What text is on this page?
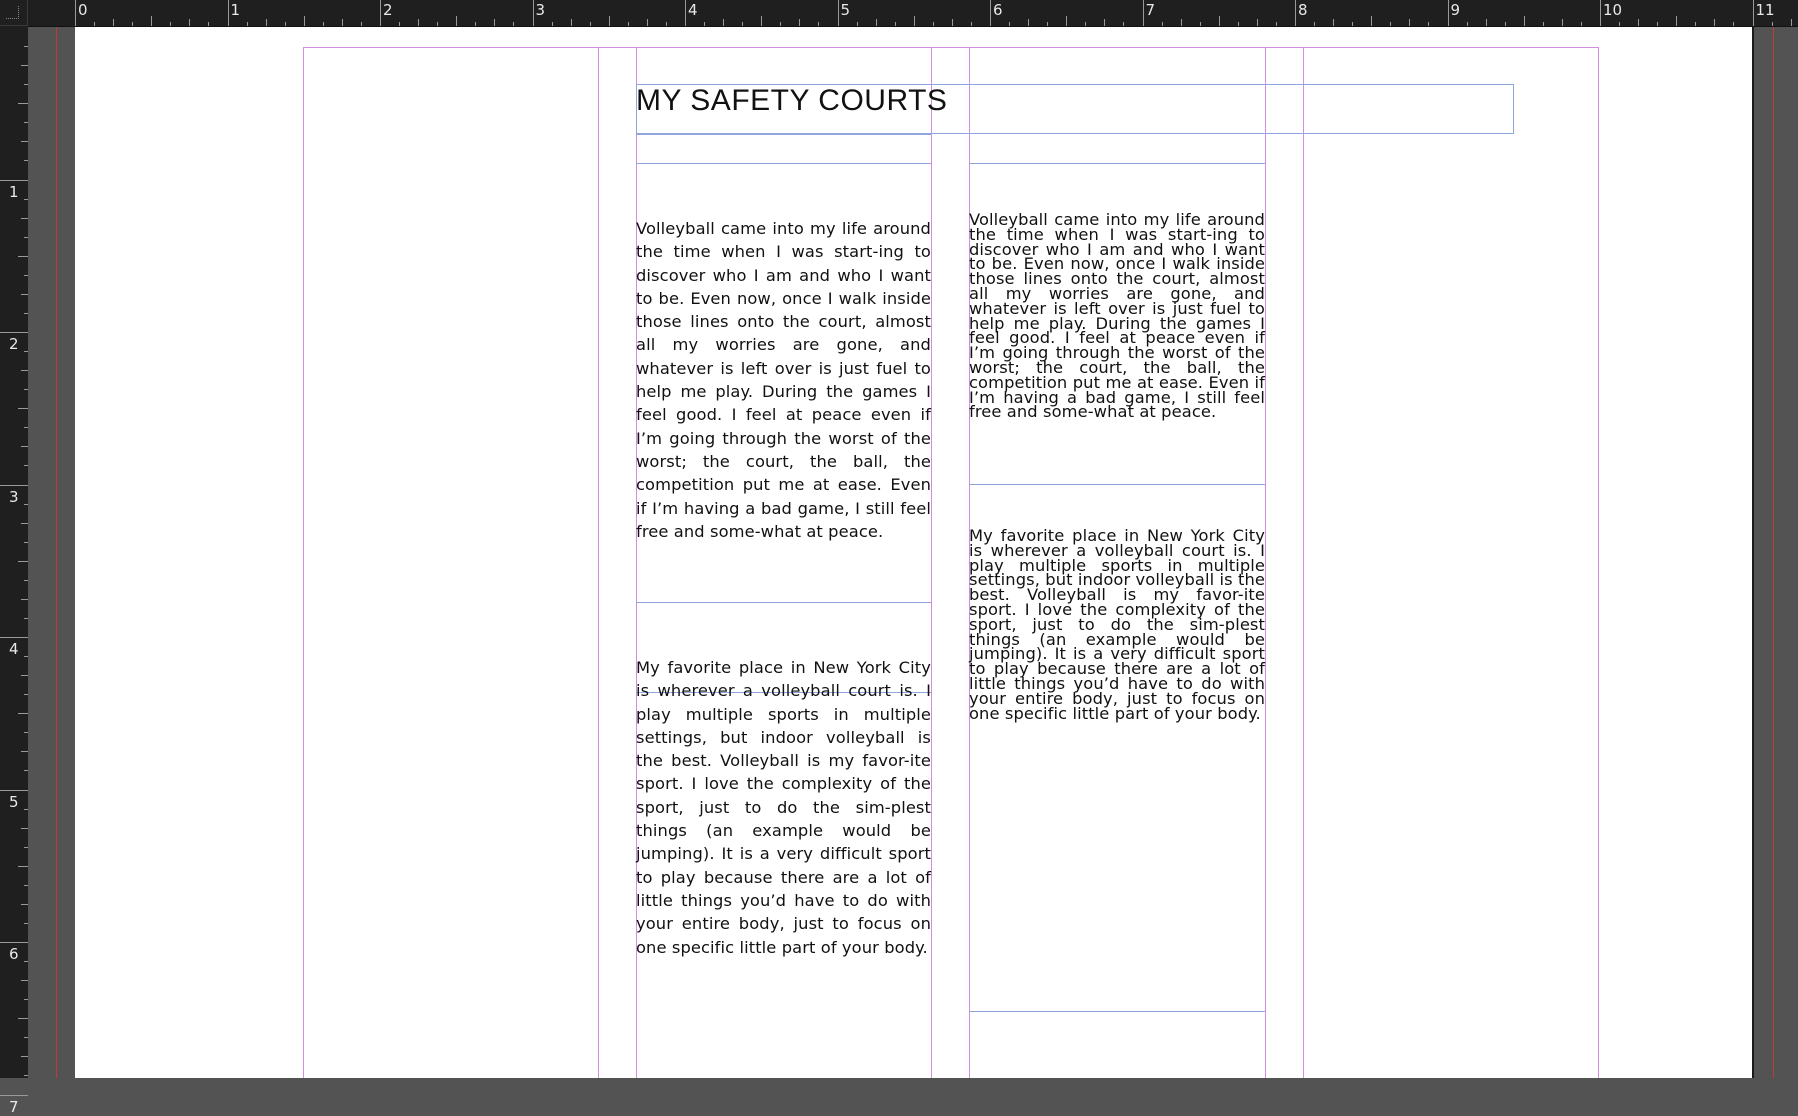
0	1	2	3	4	5	6	7	8	9	10	11
1
2
3
4
5
6
7
MY SAFETY COURTS

Volleyball came into my life around the time when I was start-ing to discover who I am and who I want to be. Even now, once I walk inside those lines onto the court, almost all my worries are gone, and whatever is left over is just fuel to help me play. During the games I feel good. I feel at peace even if I’m going through the worst of the worst; the court, the ball, the competition put me at ease. Even if I’m having a bad game, I still feel free and some-what at peace.

My favorite place in New York City is wherever a volleyball court is. I play multiple sports in multiple settings, but indoor volleyball is the best. Volleyball is my favor-ite sport. I love the complexity of the sport, just to do the sim-plest things (an example would be jumping). It is a very difficult sport to play because there are a lot of little things you’d have to do with your entire body, just to focus on one specific little part of your body.

Volleyball came into my life around the time when I was start-ing to discover who I am and who I want to be. Even now, once I walk inside those lines onto the court, almost all my worries are gone, and whatever is left over is just fuel to help me play. During the games I feel good. I feel at peace even if I’m going through the worst of the worst; the court, the ball, the competition put me at ease. Even if I’m having a bad game, I still feel free and some-what at peace.

My favorite place in New York City is wherever a volleyball court is. I play multiple sports in multiple settings, but indoor volleyball is the best. Volleyball is my favor-ite sport. I love the complexity of the sport, just to do the sim-plest things (an example would be jumping). It is a very difficult sport to play because there are a lot of little things you’d have to do with your entire body, just to focus on one specific little part of your body.
